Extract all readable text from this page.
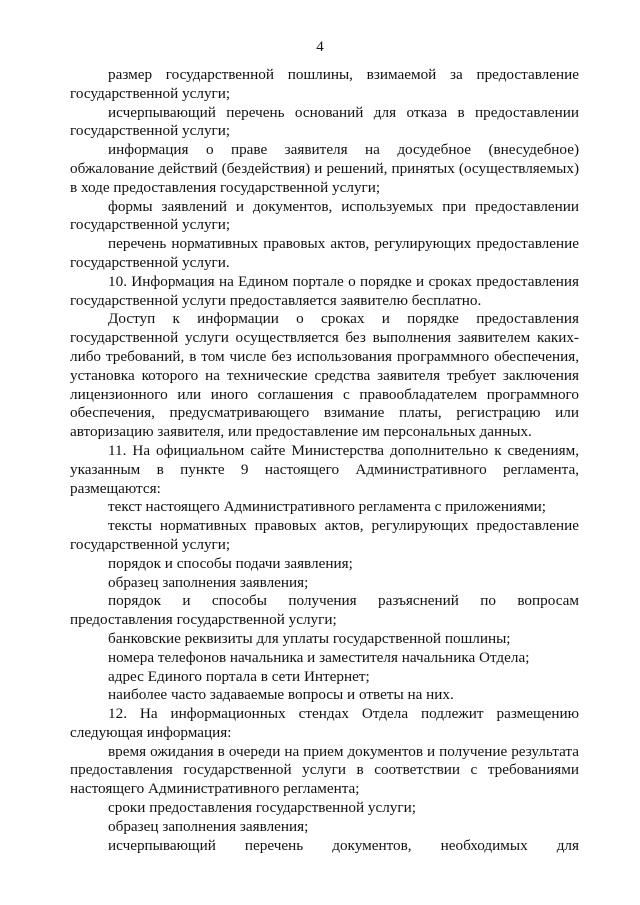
4

размер государственной пошлины, взимаемой за предоставление государственной услуги;

исчерпывающий перечень оснований для отказа в предоставлении государственной услуги;

информация о праве заявителя на досудебное (внесудебное) обжалование действий (бездействия) и решений, принятых (осуществляемых) в ходе предоставления государственной услуги;

формы заявлений и документов, используемых при предоставлении государственной услуги;

перечень нормативных правовых актов, регулирующих предоставление государственной услуги.

10. Информация на Едином портале о порядке и сроках предоставления государственной услуги предоставляется заявителю бесплатно.

Доступ к информации о сроках и порядке предоставления государственной услуги осуществляется без выполнения заявителем каких-либо требований, в том числе без использования программного обеспечения, установка которого на технические средства заявителя требует заключения лицензионного или иного соглашения с правообладателем программного обеспечения, предусматривающего взимание платы, регистрацию или авторизацию заявителя, или предоставление им персональных данных.

11. На официальном сайте Министерства дополнительно к сведениям, указанным в пункте 9 настоящего Административного регламента, размещаются:

текст настоящего Административного регламента с приложениями;

тексты нормативных правовых актов, регулирующих предоставление государственной услуги;

порядок и способы подачи заявления;

образец заполнения заявления;

порядок и способы получения разъяснений по вопросам предоставления государственной услуги;

банковские реквизиты для уплаты государственной пошлины;

номера телефонов начальника и заместителя начальника Отдела;

адрес Единого портала в сети Интернет;

наиболее часто задаваемые вопросы и ответы на них.

12. На информационных стендах Отдела подлежит размещению следующая информация:

время ожидания в очереди на прием документов и получение результата предоставления государственной услуги в соответствии с требованиями настоящего Административного регламента;

сроки предоставления государственной услуги;

образец заполнения заявления;

исчерпывающий перечень документов, необходимых для
